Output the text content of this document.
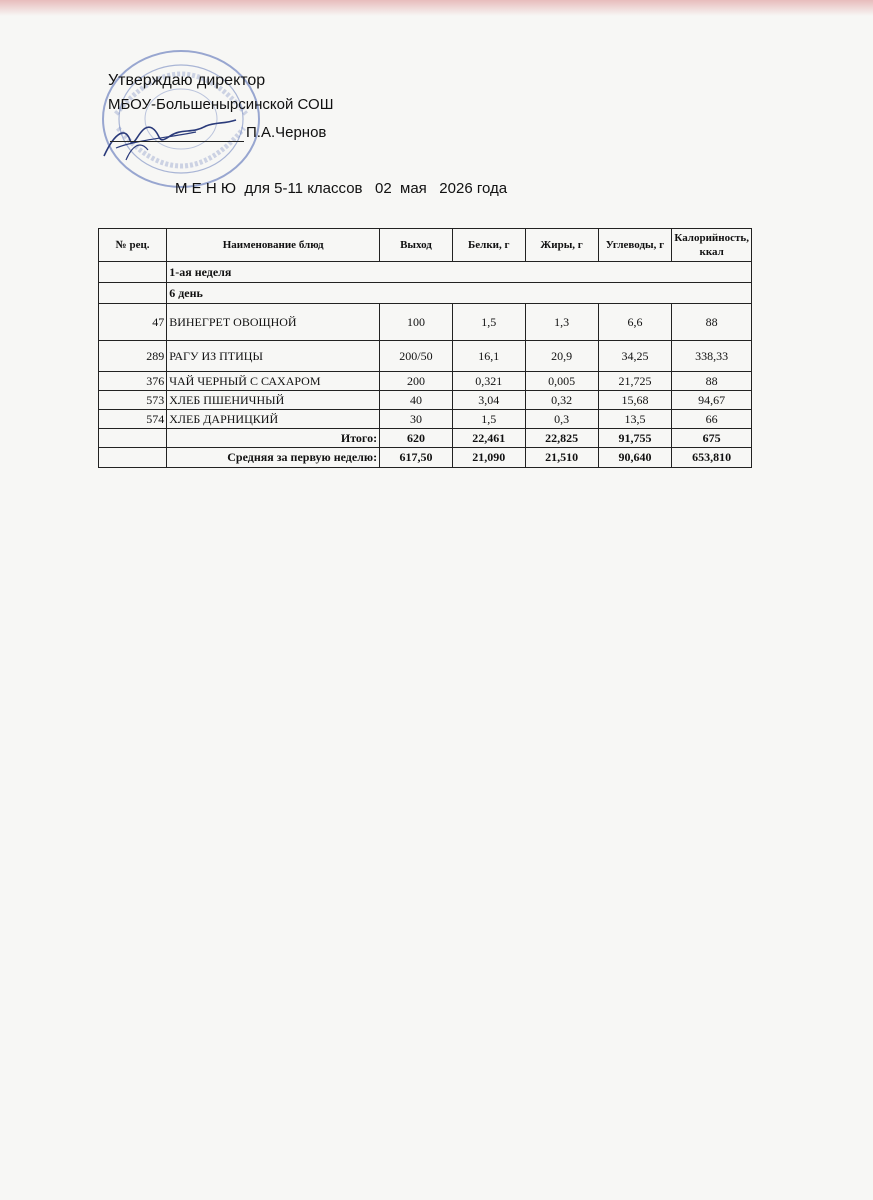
Утверждаю директор
МБОУ-Большенырсинской СОШ
П.А.Чернов
М Е Н Ю  для 5-11 классов   02  мая   2026 года
№ рец.	Наименование блюд	Выход	Белки, г	Жиры, г	Углеводы, г	Калорийность, ккал
	1-ая неделя					
	6 день					
47	ВИНЕГРЕТ ОВОЩНОЙ	100	1,5	1,3	6,6	88
289	РАГУ ИЗ ПТИЦЫ	200/50	16,1	20,9	34,25	338,33
376	ЧАЙ ЧЕРНЫЙ С САХАРОМ	200	0,321	0,005	21,725	88
573	ХЛЕБ ПШЕНИЧНЫЙ	40	3,04	0,32	15,68	94,67
574	ХЛЕБ ДАРНИЦКИЙ	30	1,5	0,3	13,5	66
	Итого:	620	22,461	22,825	91,755	675
	Средняя за первую неделю:	617,50	21,090	21,510	90,640	653,810
